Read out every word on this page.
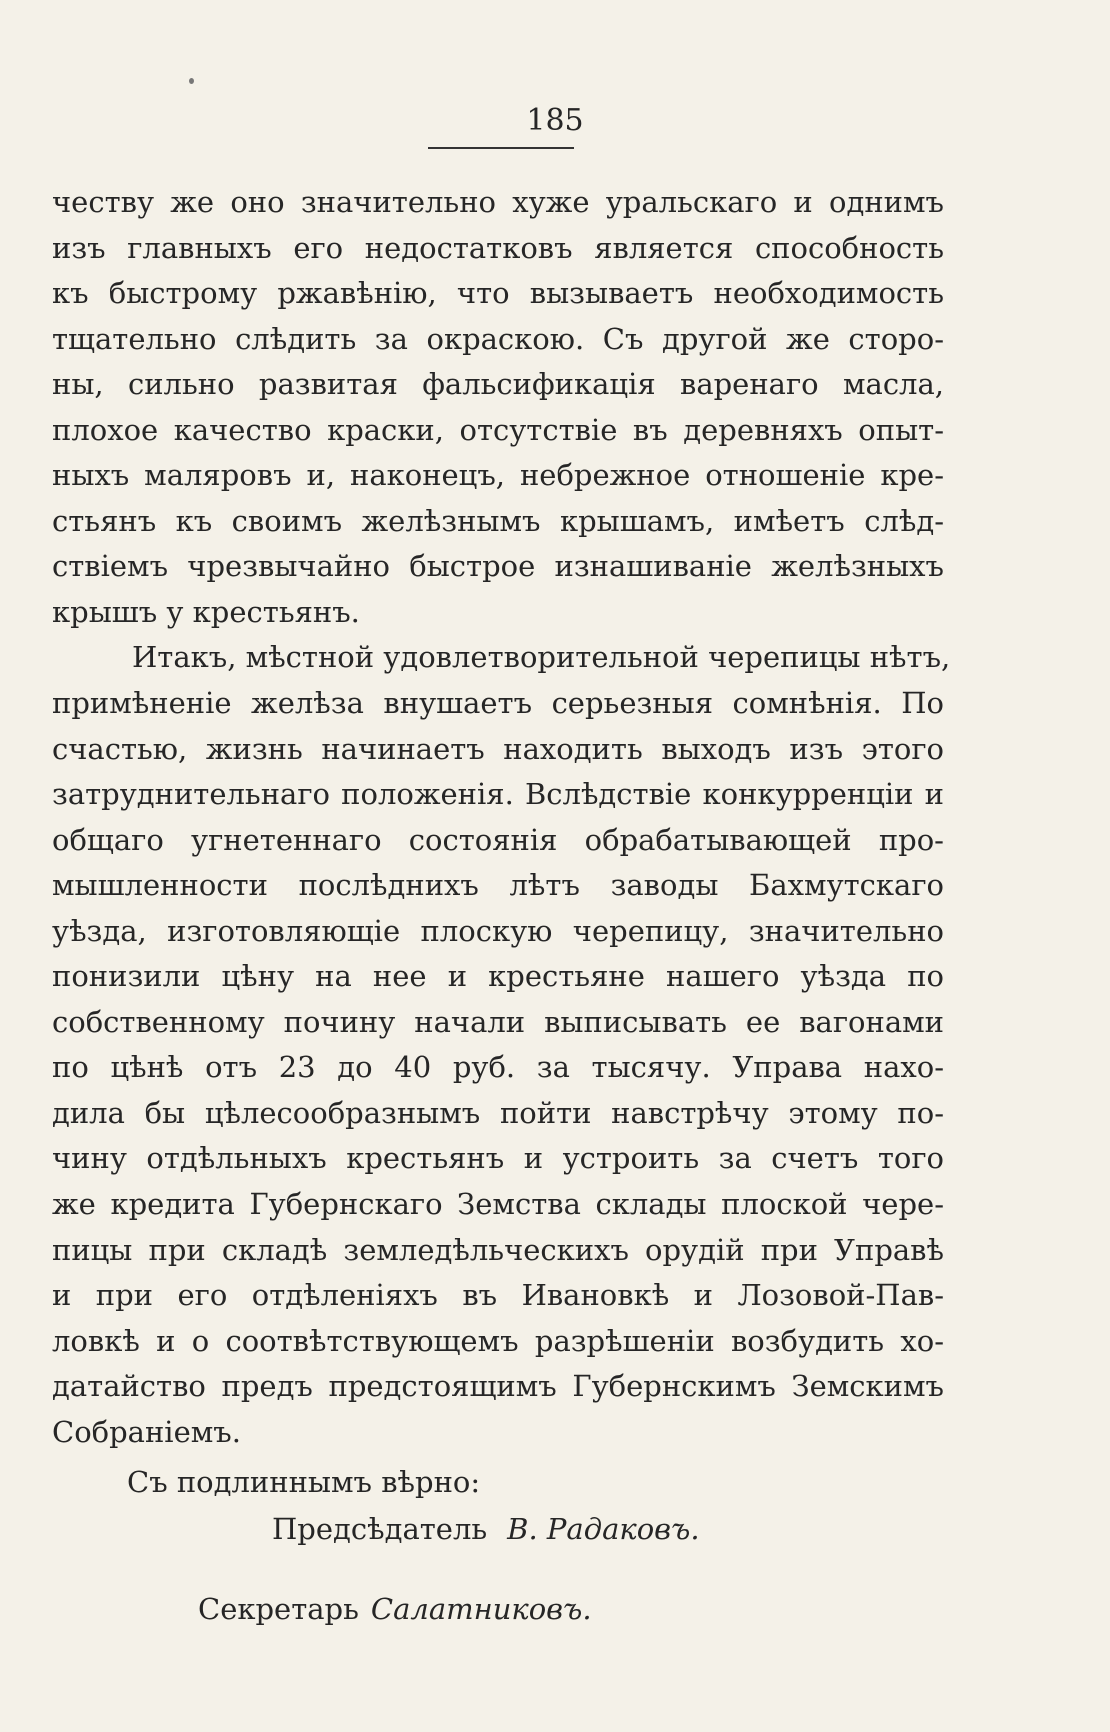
185
честву же оно значительно хуже уральскаго и однимъ
изъ главныхъ его недостатковъ является способность
къ быстрому ржавѣнію, что вызываетъ необходимость
тщательно слѣдить за окраскою. Съ другой же сторо-
ны, сильно развитая фальсификація варенаго масла,
плохое качество краски, отсутствіе въ деревняхъ опыт-
ныхъ маляровъ и, наконецъ, небрежное отношеніе кре-
стьянъ къ своимъ желѣзнымъ крышамъ, имѣетъ слѣд-
ствіемъ чрезвычайно быстрое изнашиваніе желѣзныхъ
крышъ у крестьянъ.
Итакъ, мѣстной удовлетворительной черепицы нѣтъ,
примѣненіе желѣза внушаетъ серьезныя сомнѣнія. По
счастью, жизнь начинаетъ находить выходъ изъ этого
затруднительнаго положенія. Вслѣдствіе конкурренціи и
общаго угнетеннаго состоянія обрабатывающей про-
мышленности послѣднихъ лѣтъ заводы Бахмутскаго
уѣзда, изготовляющіе плоскую черепицу, значительно
понизили цѣну на нее и крестьяне нашего уѣзда по
собственному почину начали выписывать ее вагонами
по цѣнѣ отъ 23 до 40 руб. за тысячу. Управа нахо-
дила бы цѣлесообразнымъ пойти навстрѣчу этому по-
чину отдѣльныхъ крестьянъ и устроить за счетъ того
же кредита Губернскаго Земства склады плоской чере-
пицы при складѣ земледѣльческихъ орудій при Управѣ
и при его отдѣленіяхъ въ Ивановкѣ и Лозовой-Пав-
ловкѣ и о соотвѣтствующемъ разрѣшеніи возбудить хо-
датайство предъ предстоящимъ Губернскимъ Земскимъ
Собраніемъ.
Съ подлиннымъ вѣрно:
Предсѣдатель В. Радаковъ.
Секретарь Салатниковъ.
